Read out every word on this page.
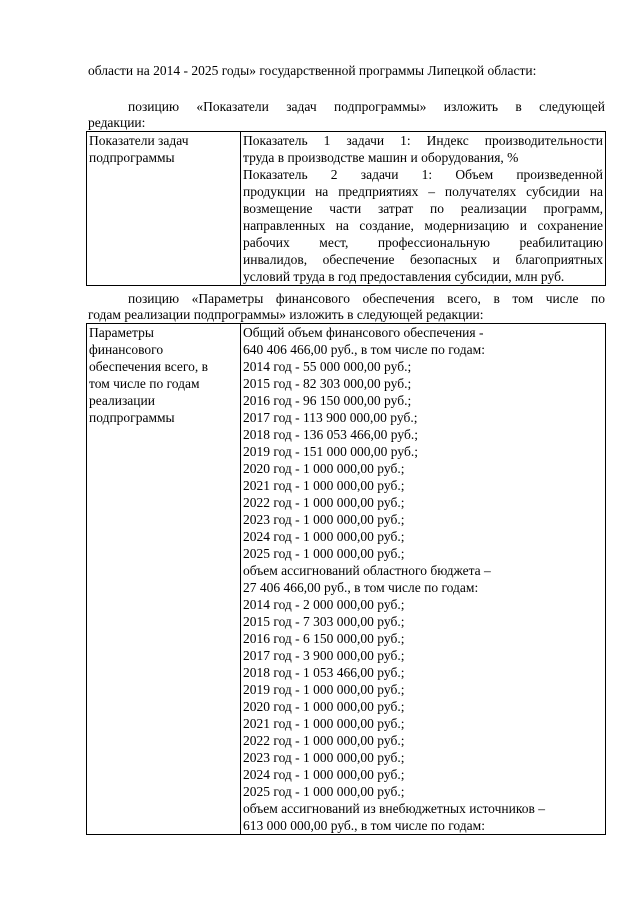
области на 2014 - 2025 годы» государственной программы Липецкой области:
позицию «Показатели задач подпрограммы» изложить в следующей
редакции:
Показатели задач
подпрограммы

Показатель 1 задачи 1: Индекс производительности
труда в производстве машин и оборудования, %
Показатель 2 задачи 1: Объем произведенной
продукции на предприятиях – получателях субсидии на
возмещение части затрат по реализации программ,
направленных на создание, модернизацию и сохранение
рабочих мест, профессиональную реабилитацию
инвалидов, обеспечение безопасных и благоприятных
условий труда в год предоставления субсидии, млн руб.
позицию «Параметры финансового обеспечения всего, в том числе по
годам реализации подпрограммы» изложить в следующей редакции:
Параметры
финансового
обеспечения всего, в
том числе по годам
реализации
подпрограммы

Общий объем финансового обеспечения -
640 406 466,00 руб., в том числе по годам:
2014 год - 55 000 000,00 руб.;
2015 год - 82 303 000,00 руб.;
2016 год - 96 150 000,00 руб.;
2017 год - 113 900 000,00 руб.;
2018 год - 136 053 466,00 руб.;
2019 год - 151 000 000,00 руб.;
2020 год - 1 000 000,00 руб.;
2021 год - 1 000 000,00 руб.;
2022 год - 1 000 000,00 руб.;
2023 год - 1 000 000,00 руб.;
2024 год - 1 000 000,00 руб.;
2025 год - 1 000 000,00 руб.;
объем ассигнований областного бюджета –
27 406 466,00 руб., в том числе по годам:
2014 год - 2 000 000,00 руб.;
2015 год - 7 303 000,00 руб.;
2016 год - 6 150 000,00 руб.;
2017 год - 3 900 000,00 руб.;
2018 год - 1 053 466,00 руб.;
2019 год - 1 000 000,00 руб.;
2020 год - 1 000 000,00 руб.;
2021 год - 1 000 000,00 руб.;
2022 год - 1 000 000,00 руб.;
2023 год - 1 000 000,00 руб.;
2024 год - 1 000 000,00 руб.;
2025 год - 1 000 000,00 руб.;
объем ассигнований из внебюджетных источников –
613 000 000,00 руб., в том числе по годам:
